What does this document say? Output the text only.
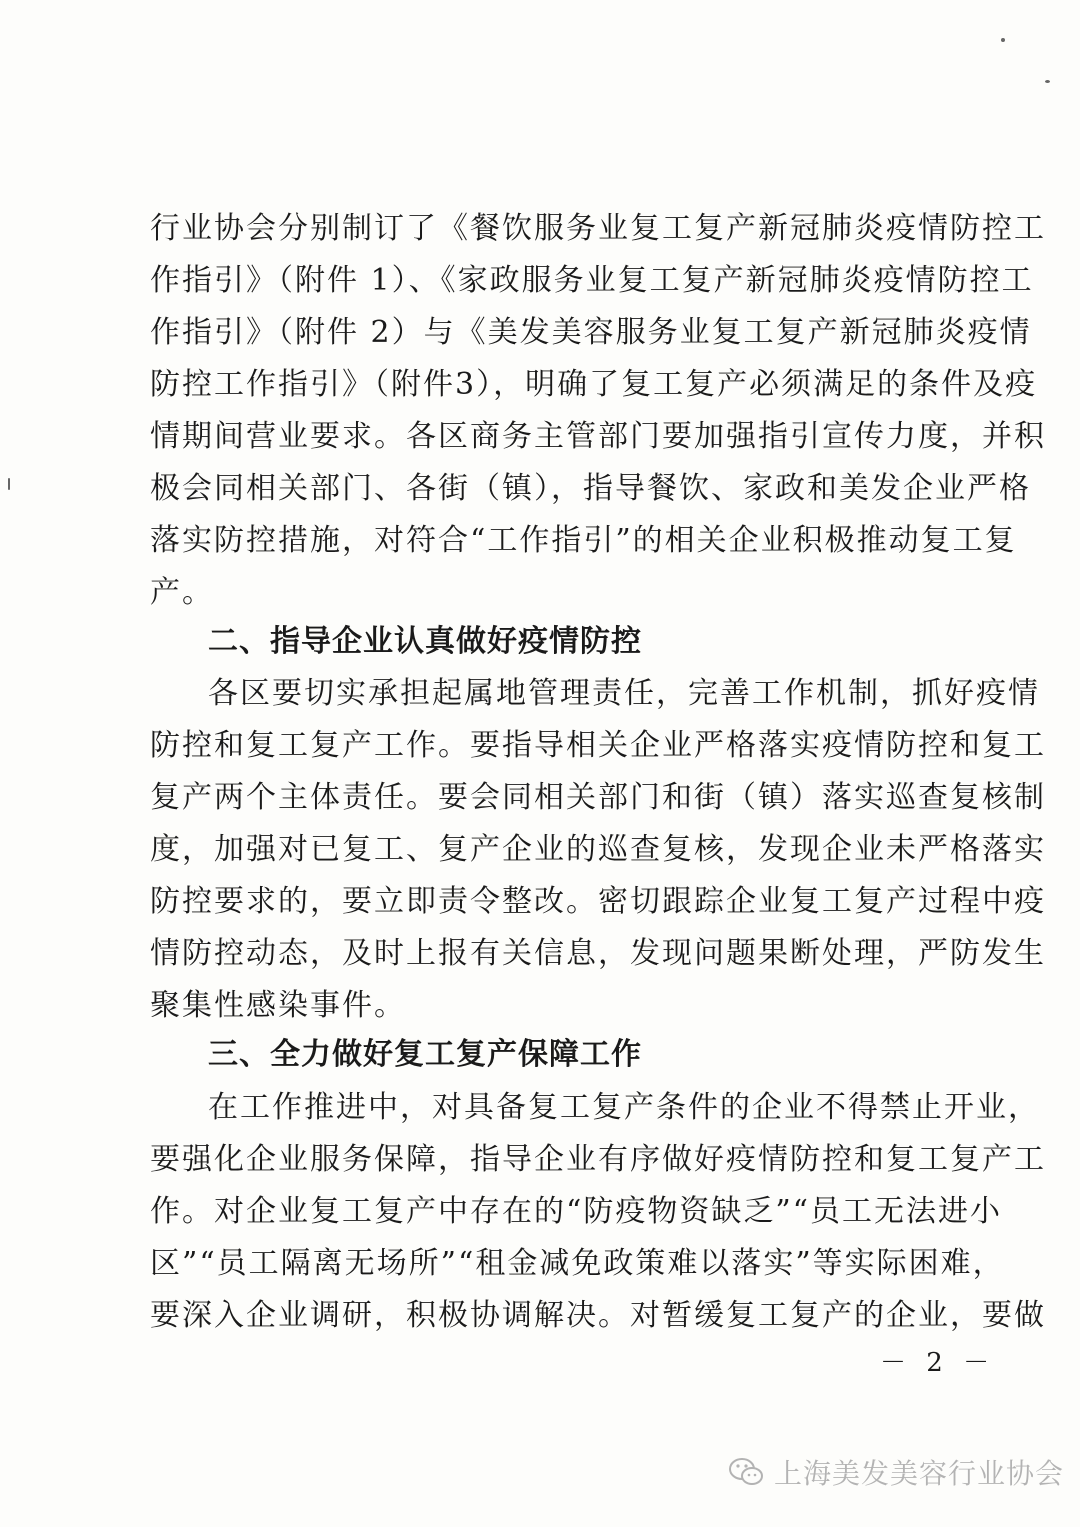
行业协会分别制订了《餐饮服务业复工复产新冠肺炎疫情防控工
作指引》（附件 1）、《家政服务业复工复产新冠肺炎疫情防控工
作指引》（附件 2）与《美发美容服务业复工复产新冠肺炎疫情
防控工作指引》（附件3），明确了复工复产必须满足的条件及疫
情期间营业要求。各区商务主管部门要加强指引宣传力度，并积
极会同相关部门、各街（镇），指导餐饮、家政和美发企业严格
落实防控措施，对符合“工作指引”的相关企业积极推动复工复
产。
二、指导企业认真做好疫情防控
各区要切实承担起属地管理责任，完善工作机制，抓好疫情
防控和复工复产工作。要指导相关企业严格落实疫情防控和复工
复产两个主体责任。要会同相关部门和街（镇）落实巡查复核制
度，加强对已复工、复产企业的巡查复核，发现企业未严格落实
防控要求的，要立即责令整改。密切跟踪企业复工复产过程中疫
情防控动态，及时上报有关信息，发现问题果断处理，严防发生
聚集性感染事件。
三、全力做好复工复产保障工作
在工作推进中，对具备复工复产条件的企业不得禁止开业，
要强化企业服务保障，指导企业有序做好疫情防控和复工复产工
作。对企业复工复产中存在的“防疫物资缺乏”“员工无法进小
区”“员工隔离无场所”“租金减免政策难以落实”等实际困难，
要深入企业调研，积极协调解决。对暂缓复工复产的企业，要做
－ 2 －
上海美发美容行业协会
